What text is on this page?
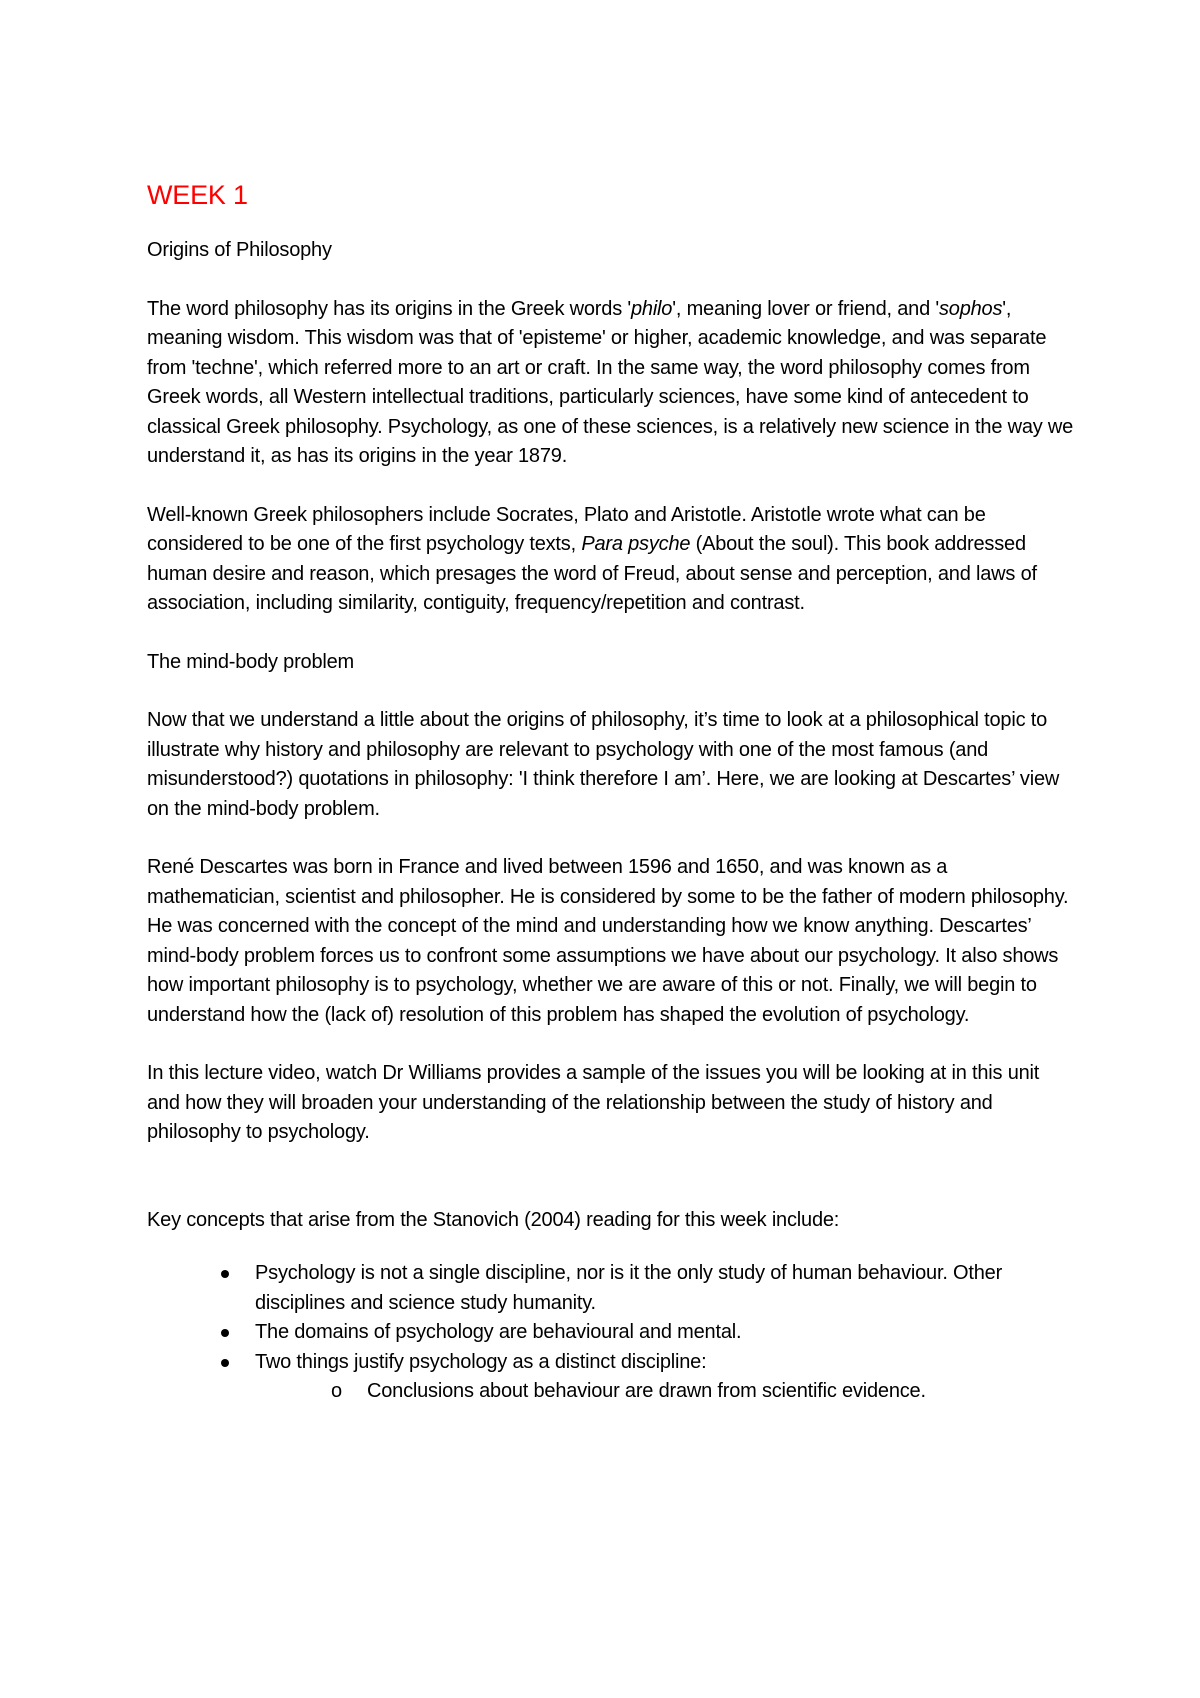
WEEK 1

Origins of Philosophy

The word philosophy has its origins in the Greek words 'philo', meaning lover or friend, and 'sophos', meaning wisdom. This wisdom was that of 'episteme' or higher, academic knowledge, and was separate from 'techne', which referred more to an art or craft. In the same way, the word philosophy comes from Greek words, all Western intellectual traditions, particularly sciences, have some kind of antecedent to classical Greek philosophy. Psychology, as one of these sciences, is a relatively new science in the way we understand it, as has its origins in the year 1879.

Well-known Greek philosophers include Socrates, Plato and Aristotle. Aristotle wrote what can be considered to be one of the first psychology texts, Para psyche (About the soul). This book addressed human desire and reason, which presages the word of Freud, about sense and perception, and laws of association, including similarity, contiguity, frequency/repetition and contrast.

The mind-body problem

Now that we understand a little about the origins of philosophy, it’s time to look at a philosophical topic to illustrate why history and philosophy are relevant to psychology with one of the most famous (and misunderstood?) quotations in philosophy: 'I think therefore I am’. Here, we are looking at Descartes’ view on the mind-body problem.

René Descartes was born in France and lived between 1596 and 1650, and was known as a mathematician, scientist and philosopher. He is considered by some to be the father of modern philosophy. He was concerned with the concept of the mind and understanding how we know anything. Descartes’ mind-body problem forces us to confront some assumptions we have about our psychology. It also shows how important philosophy is to psychology, whether we are aware of this or not. Finally, we will begin to understand how the (lack of) resolution of this problem has shaped the evolution of psychology.

In this lecture video, watch Dr Williams provides a sample of the issues you will be looking at in this unit and how they will broaden your understanding of the relationship between the study of history and philosophy to psychology.

Key concepts that arise from the Stanovich (2004) reading for this week include:

Psychology is not a single discipline, nor is it the only study of human behaviour. Other disciplines and science study humanity.
The domains of psychology are behavioural and mental.
Two things justify psychology as a distinct discipline:
o Conclusions about behaviour are drawn from scientific evidence.
